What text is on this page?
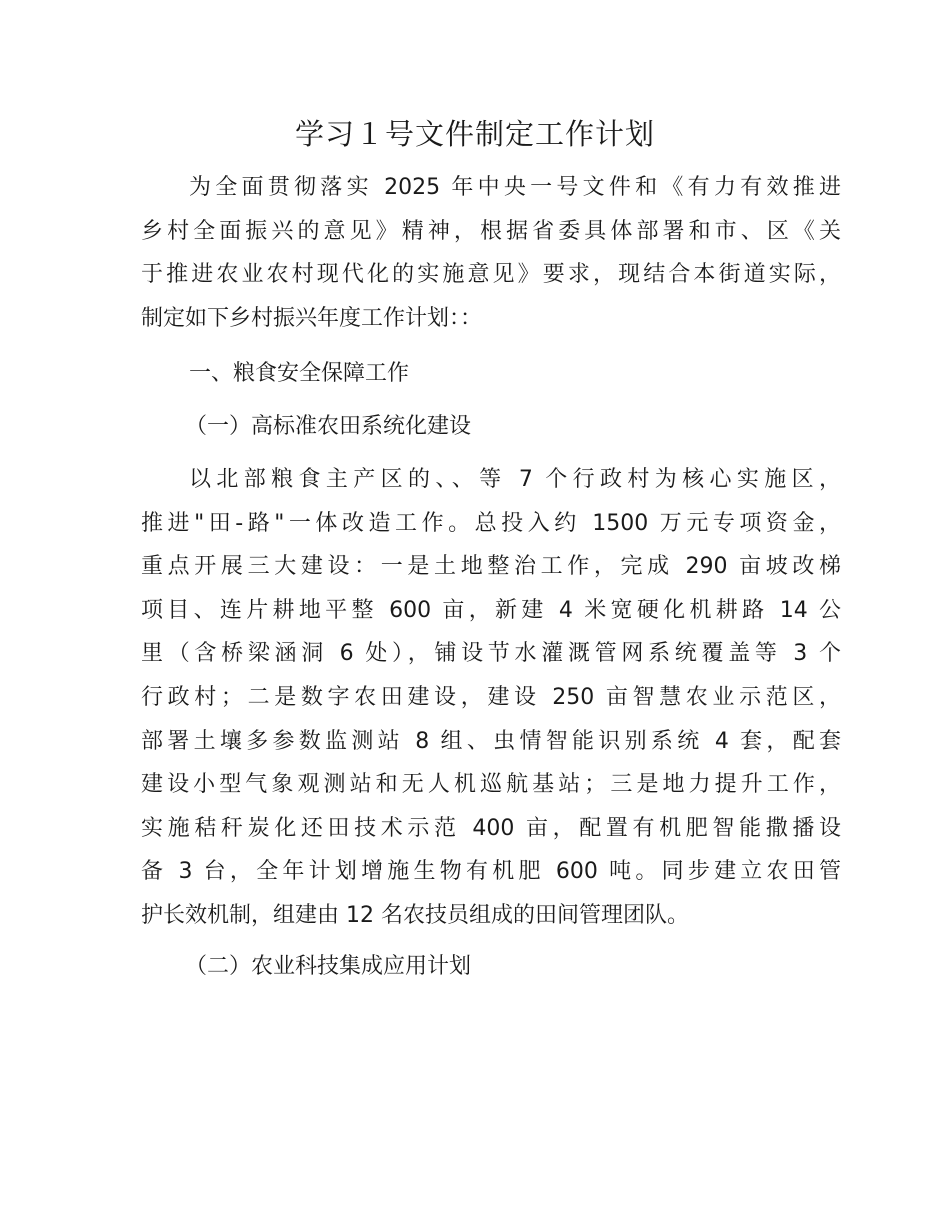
学习１号文件制定工作计划
为全面贯彻落实 2025 年中央一号文件和《有力有效推进
乡村全面振兴的意见》精神，根据省委具体部署和市、区《关
于推进农业农村现代化的实施意见》要求，现结合本街道实际，
制定如下乡村振兴年度工作计划：：
一、粮食安全保障工作
（一）高标准农田系统化建设
以北部粮食主产区的、、等 7 个行政村为核心实施区，
推进"田-路"一体改造工作。总投入约 1500 万元专项资金，
重点开展三大建设：一是土地整治工作，完成 290 亩坡改梯
项目、连片耕地平整 600 亩，新建 4 米宽硬化机耕路 14 公
里（含桥梁涵洞 6 处），铺设节水灌溉管网系统覆盖等 3 个
行政村；二是数字农田建设，建设 250 亩智慧农业示范区，
部署土壤多参数监测站 8 组、虫情智能识别系统 4 套，配套
建设小型气象观测站和无人机巡航基站；三是地力提升工作，
实施秸秆炭化还田技术示范 400 亩，配置有机肥智能撒播设
备 3 台，全年计划增施生物有机肥 600 吨。同步建立农田管
护长效机制，组建由 12 名农技员组成的田间管理团队。
（二）农业科技集成应用计划
